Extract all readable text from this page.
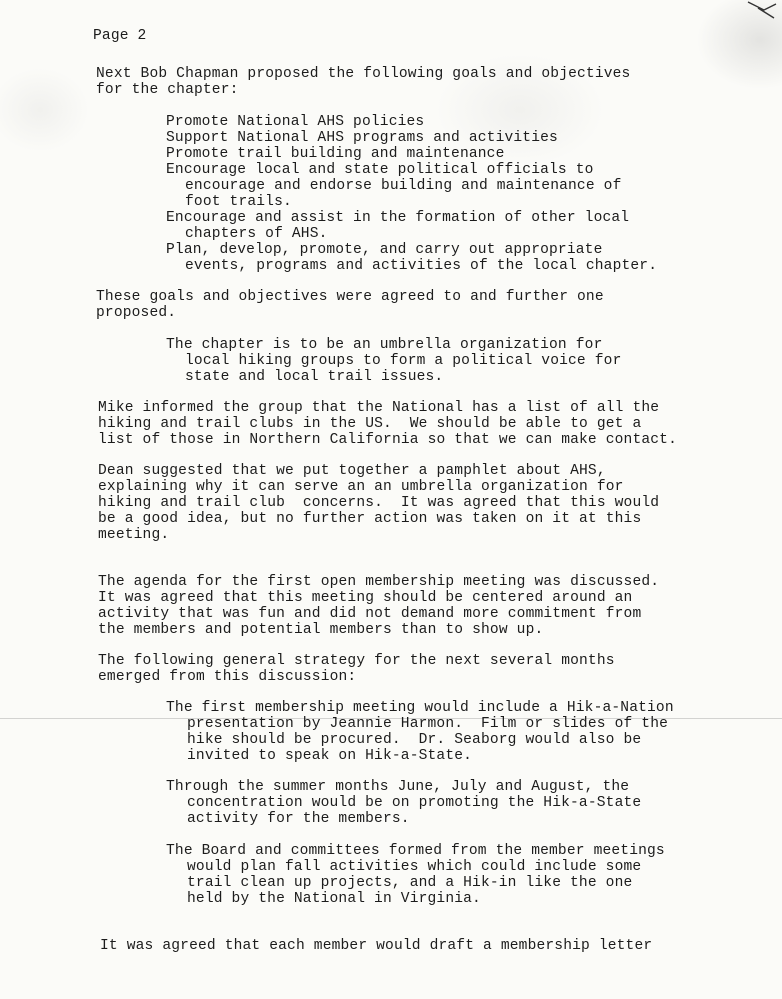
Page 2
Next Bob Chapman proposed the following goals and objectives
for the chapter:
Promote National AHS policies
Support National AHS programs and activities
Promote trail building and maintenance
Encourage local and state political officials to
encourage and endorse building and maintenance of
foot trails.
Encourage and assist in the formation of other local
chapters of AHS.
Plan, develop, promote, and carry out appropriate
events, programs and activities of the local chapter.
These goals and objectives were agreed to and further one
proposed.
The chapter is to be an umbrella organization for
local hiking groups to form a political voice for
state and local trail issues.
Mike informed the group that the National has a list of all the
hiking and trail clubs in the US.  We should be able to get a
list of those in Northern California so that we can make contact.
Dean suggested that we put together a pamphlet about AHS,
explaining why it can serve an an umbrella organization for
hiking and trail club  concerns.  It was agreed that this would
be a good idea, but no further action was taken on it at this
meeting.
The agenda for the first open membership meeting was discussed.
It was agreed that this meeting should be centered around an
activity that was fun and did not demand more commitment from
the members and potential members than to show up.
The following general strategy for the next several months
emerged from this discussion:
The first membership meeting would include a Hik-a-Nation
presentation by Jeannie Harmon.  Film or slides of the
hike should be procured.  Dr. Seaborg would also be
invited to speak on Hik-a-State.
Through the summer months June, July and August, the
concentration would be on promoting the Hik-a-State
activity for the members.
The Board and committees formed from the member meetings
would plan fall activities which could include some
trail clean up projects, and a Hik-in like the one
held by the National in Virginia.
It was agreed that each member would draft a membership letter
